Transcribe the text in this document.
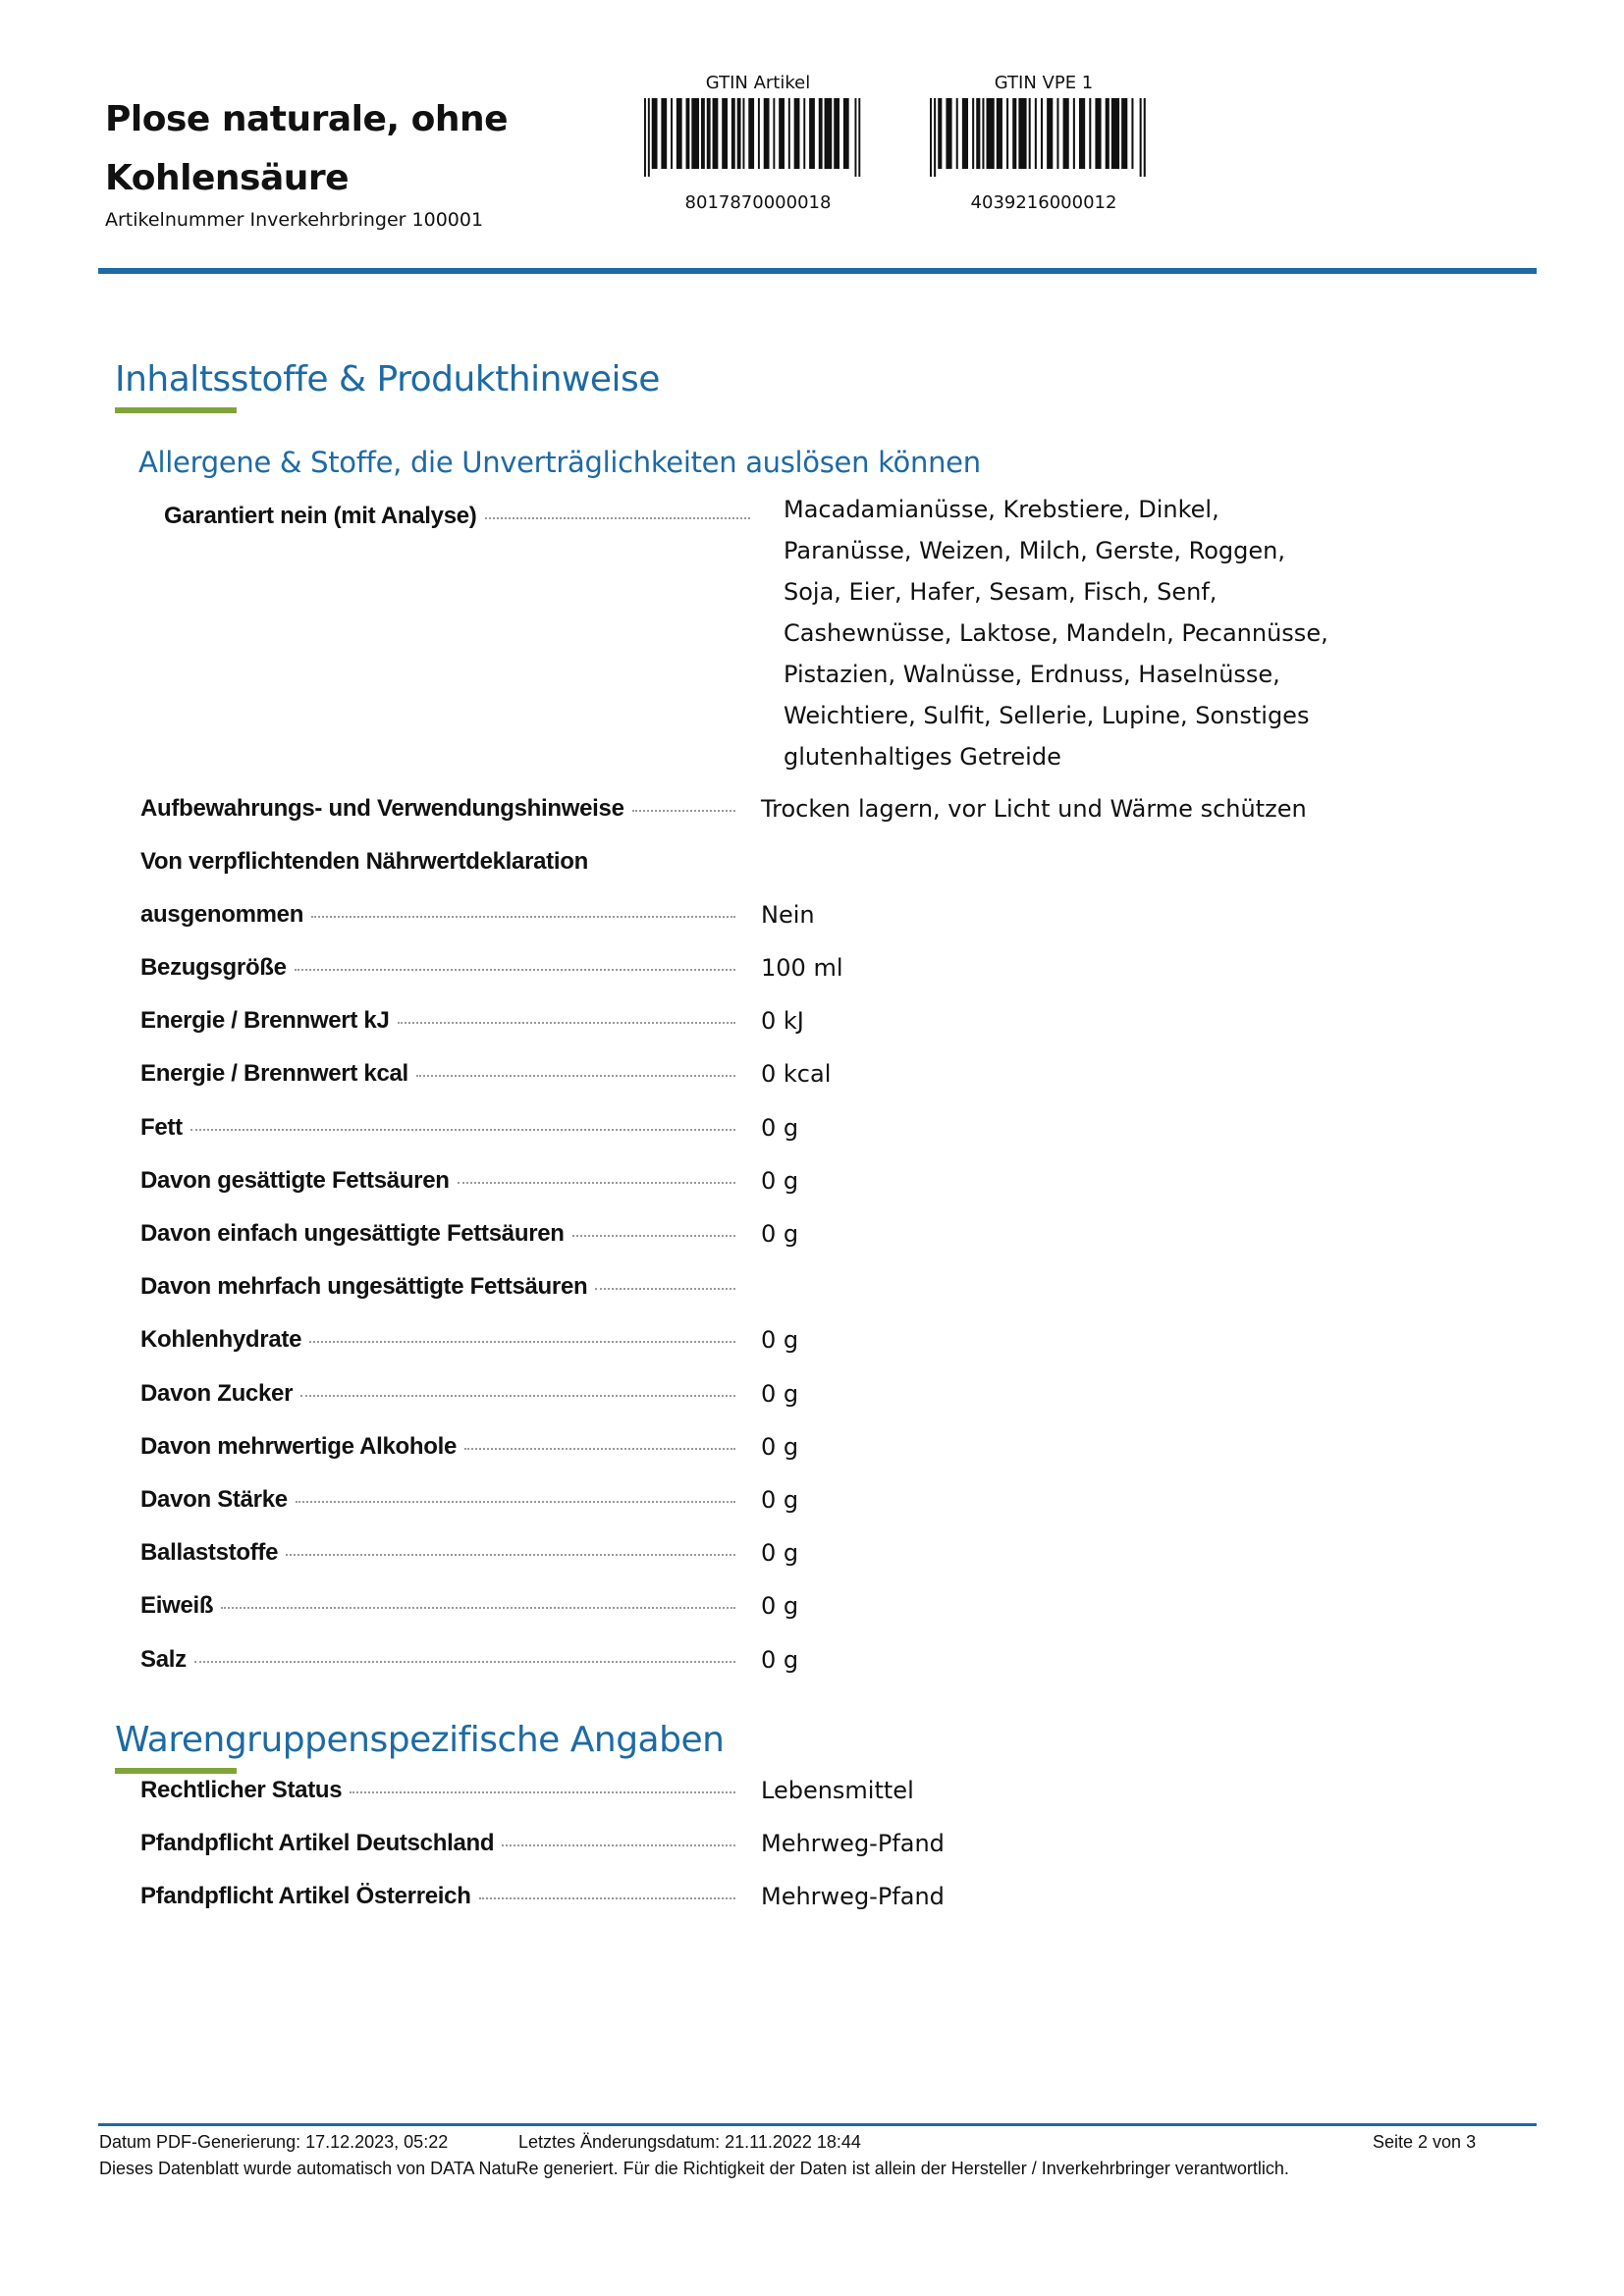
Plose naturale, ohne
Kohlensäure
Artikelnummer Inverkehrbringer 100001
GTIN Artikel
8017870000018
GTIN VPE 1
4039216000012
Inhaltsstoffe & Produkthinweise
Allergene & Stoffe, die Unverträglichkeiten auslösen können
Garantiert nein (mit Analyse)	Macadamianüsse, Krebstiere, Dinkel,
Paranüsse, Weizen, Milch, Gerste, Roggen,
Soja, Eier, Hafer, Sesam, Fisch, Senf,
Cashewnüsse, Laktose, Mandeln, Pecannüsse,
Pistazien, Walnüsse, Erdnuss, Haselnüsse,
Weichtiere, Sulfit, Sellerie, Lupine, Sonstiges
glutenhaltiges Getreide
Aufbewahrungs- und Verwendungshinweise	Trocken lagern, vor Licht und Wärme schützen
Von verpflichtenden Nährwertdeklaration
ausgenommen	Nein
Bezugsgröße	100 ml
Energie / Brennwert kJ	0 kJ
Energie / Brennwert kcal	0 kcal
Fett	0 g
Davon gesättigte Fettsäuren	0 g
Davon einfach ungesättigte Fettsäuren	0 g
Davon mehrfach ungesättigte Fettsäuren
Kohlenhydrate	0 g
Davon Zucker	0 g
Davon mehrwertige Alkohole	0 g
Davon Stärke	0 g
Ballaststoffe	0 g
Eiweiß	0 g
Salz	0 g
Warengruppenspezifische Angaben
Rechtlicher Status	Lebensmittel
Pfandpflicht Artikel Deutschland	Mehrweg-Pfand
Pfandpflicht Artikel Österreich	Mehrweg-Pfand
Datum PDF-Generierung: 17.12.2023, 05:22	Letztes Änderungsdatum: 21.11.2022 18:44	Seite 2 von 3
Dieses Datenblatt wurde automatisch von DATA NatuRe generiert. Für die Richtigkeit der Daten ist allein der Hersteller / Inverkehrbringer verantwortlich.
